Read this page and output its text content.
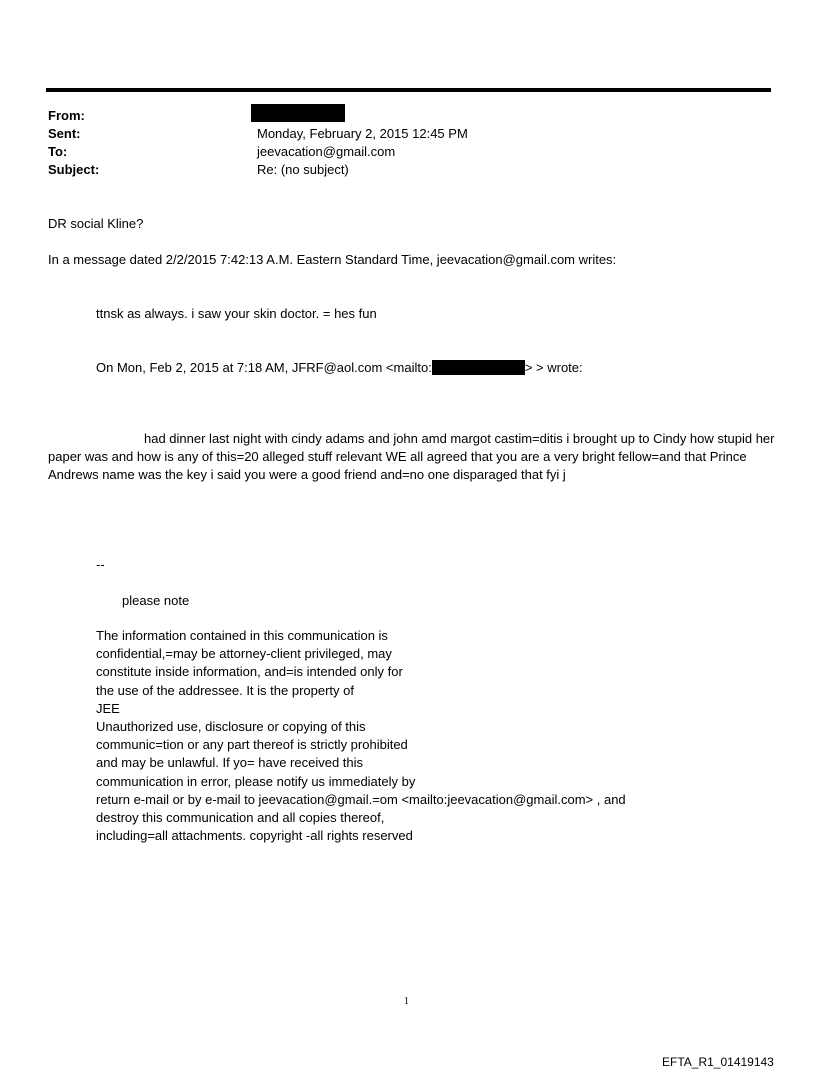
From:
Sent:
To:
Subject:
Monday, February 2, 2015 12:45 PM
jeevacation@gmail.com
Re: (no subject)
DR social Kline?
In a message dated 2/2/2015 7:42:13 A.M. Eastern Standard Time, jeevacation@gmail.com writes:
ttnsk as always. i saw your skin doctor. = hes fun
On Mon, Feb 2, 2015 at 7:18 AM, JFRF@aol.com <mailto:	> > wrote:
had dinner last night with cindy adams and john amd margot castim=ditis i brought up to Cindy how stupid her paper was and how is any of this=20 alleged stuff relevant WE all agreed that you are a very bright fellow=and that Prince Andrews name was the key i said you were a good friend and=no one disparaged that fyi j
--
please note
The information contained in this communication is
confidential,=may be attorney-client privileged, may
constitute inside information, and=is intended only for
the use of the addressee. It is the property of
JEE
Unauthorized use, disclosure or copying of this
communic=tion or any part thereof is strictly prohibited
and may be unlawful. If yo= have received this
communication in error, please notify us immediately by
return e-mail or by e-mail to jeevacation@gmail.=om <mailto:jeevacation@gmail.com> , and
destroy this communication and all copies thereof,
including=all attachments. copyright -all rights reserved
1
EFTA_R1_01419143
